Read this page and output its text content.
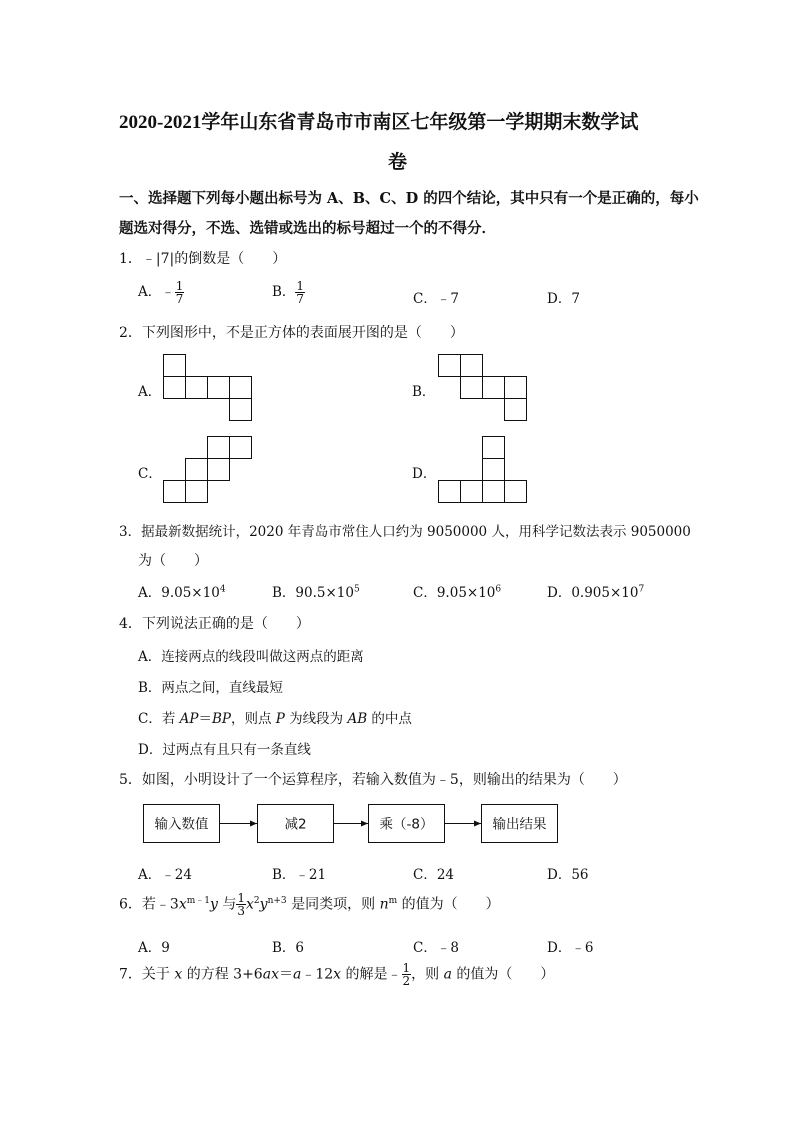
2020-2021学年山东省青岛市市南区七年级第一学期期末数学试
卷
一、选择题下列每小题出标号为 A、B、C、D 的四个结论，其中只有一个是正确的，每小
题选对得分，不选、选错或选出的标号超过一个的不得分．
1．﹣|7|的倒数是（　　）
A．﹣ $\frac{1}{7}$	B． $\frac{1}{7}$	C．﹣7	D．7
2．下列图形中，不是正方体的表面展开图的是（　　）
A．	B．
C．	D．
3．据最新数据统计，2020 年青岛市常住人口约为 9050000 人，用科学记数法表示 9050000
为（　　）
A．$9.05\times 10^4$	B．$90.5\times 10^5$	C．$9.05\times 10^6$	D．$0.905\times 10^7$
4．下列说法正确的是（　　）
A．连接两点的线段叫做这两点的距离
B．两点之间，直线最短
C．若 AP＝BP，则点 P 为线段为 AB 的中点
D．过两点有且只有一条直线
5．如图，小明设计了一个运算程序，若输入数值为﹣5，则输出的结果为（　　）
输入数值	减2	乘（-8）	输出结果
A．﹣24	B．﹣21	C．24	D．56
6．若$﹣3x^{m﹣1}y$ 与 $\frac{1}{3} x^2y^{n+3}$ 是同类项，则 $n^m$ 的值为（　　）
A．9	B．6	C．﹣8	D．﹣6
7．关于 x 的方程 3+6ax＝a﹣12x 的解是﹣ $\frac{1}{2}$ ，则 a 的值为（　　）
